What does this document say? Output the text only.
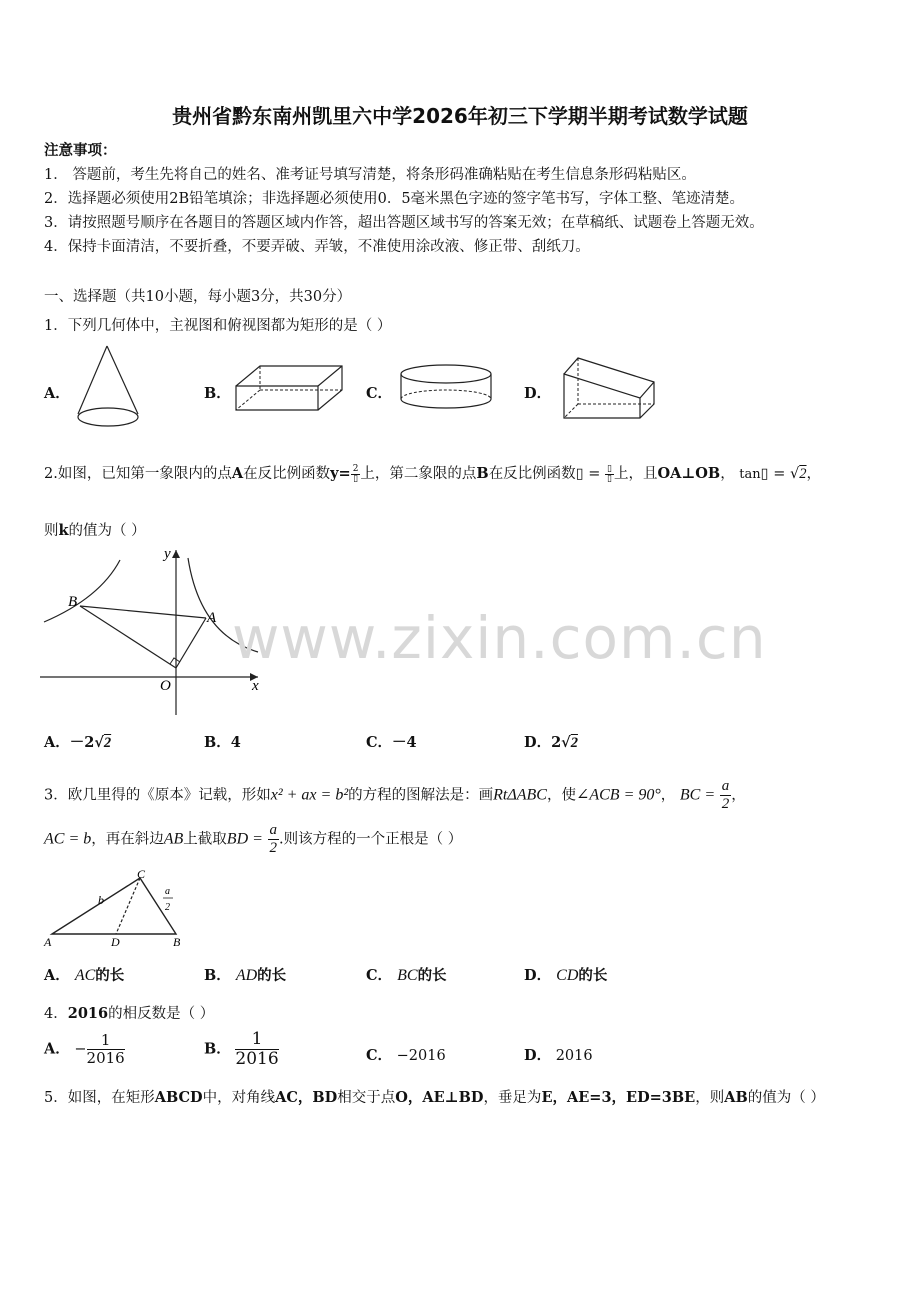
贵州省黔东南州凯里六中学2026年初三下学期半期考试数学试题
注意事项：
1． 答题前，考生先将自己的姓名、准考证号填写清楚，将条形码准确粘贴在考生信息条形码粘贴区。
2．选择题必须使用2B铅笔填涂；非选择题必须使用0．5毫米黑色字迹的签字笔书写，字体工整、笔迹清楚。
3．请按照题号顺序在各题目的答题区域内作答，超出答题区域书写的答案无效；在草稿纸、试题卷上答题无效。
4．保持卡面清洁，不要折叠，不要弄破、弄皱，不准使用涂改液、修正带、刮纸刀。
一、选择题（共10小题，每小题3分，共30分）
1．下列几何体中，主视图和俯视图都为矩形的是（ ）
A．	B．	C．	D．
2.如图，已知第一象限内的点A在反比例函数$y= \frac{2}{▯}$ 上，第二象限的点B在反比例函数▯ = $\frac{▯}{▯}$ 上，且OA⊥OB， tan▯ = √2，
则k的值为（ ）
y
x
O
A
B
www.zixin.com.cn
A．－2√2	B．4	C．－4	D．2√2
3．欧几里得的《原本》记载，形如x² + ax = b²的方程的图解法是：画RtΔABC，使∠ACB = 90°， BC = $\frac{a}{2}$ ，
AC = b，再在斜边AB上截取BD = $\frac{a}{2}$ .则该方程的一个正根是（ ）
A	B
C
D
b
a
2
A． AC的长	B． AD的长	C． BC的长	D． CD的长
4．2016的相反数是（ ）
A． − $\frac{1}{2016}$	B． $\frac{1}{2016}$	C． −2016	D． 2016
5．如图，在矩形ABCD中，对角线AC，BD相交于点O，AE⊥BD，垂足为E，AE=3，ED=3BE，则AB的值为（ ）
